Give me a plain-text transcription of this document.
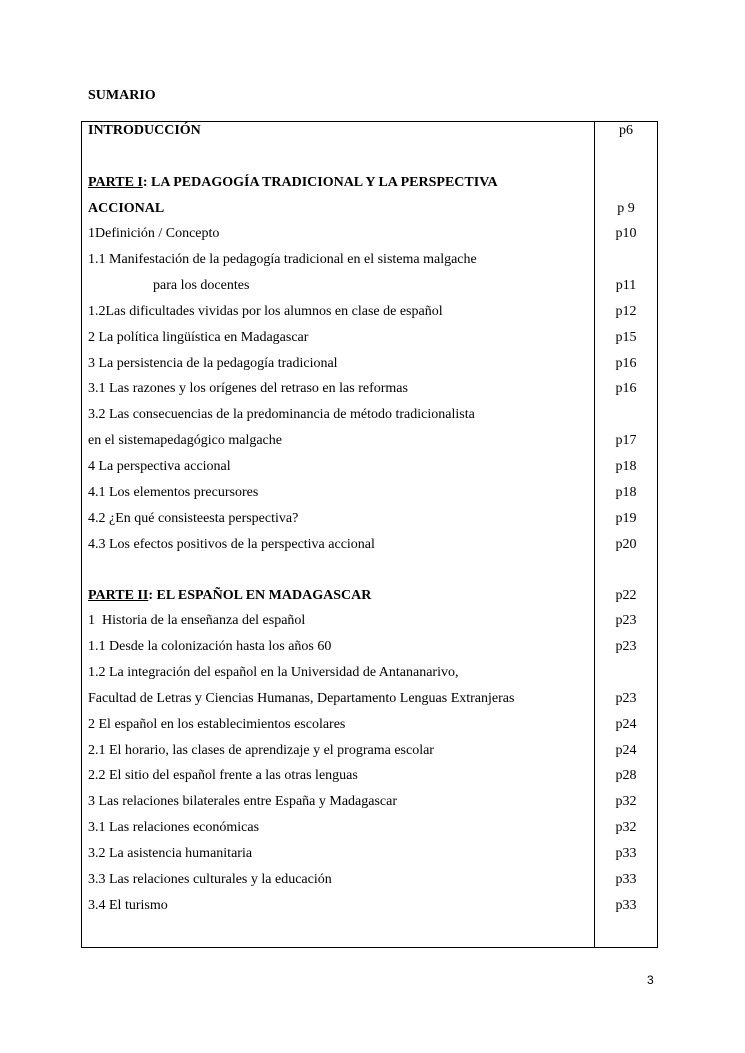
SUMARIO
INTRODUCCIÓN	p6
PARTE I: LA PEDAGOGÍA TRADICIONAL Y LA PERSPECTIVA
ACCIONAL	p 9
1Definición / Concepto	p10
1.1 Manifestación de la pedagogía tradicional en el sistema malgache
para los docentes	p11
1.2Las dificultades vividas por los alumnos en clase de español	p12
2 La política lingüística en Madagascar	p15
3 La persistencia de la pedagogía tradicional	p16
3.1 Las razones y los orígenes del retraso en las reformas	p16
3.2 Las consecuencias de la predominancia de método tradicionalista
en el sistemapedagógico malgache	p17
4 La perspectiva accional	p18
4.1 Los elementos precursores	p18
4.2 ¿En qué consisteesta perspectiva?	p19
4.3 Los efectos positivos de la perspectiva accional	p20
PARTE II: EL ESPAÑOL EN MADAGASCAR	p22
1  Historia de la enseñanza del español	p23
1.1 Desde la colonización hasta los años 60	p23
1.2 La integración del español en la Universidad de Antananarivo,
Facultad de Letras y Ciencias Humanas, Departamento Lenguas Extranjeras	p23
2 El español en los establecimientos escolares	p24
2.1 El horario, las clases de aprendizaje y el programa escolar	p24
2.2 El sitio del español frente a las otras lenguas	p28
3 Las relaciones bilaterales entre España y Madagascar	p32
3.1 Las relaciones económicas	p32
3.2 La asistencia humanitaria	p33
3.3 Las relaciones culturales y la educación	p33
3.4 El turismo	p33
3
